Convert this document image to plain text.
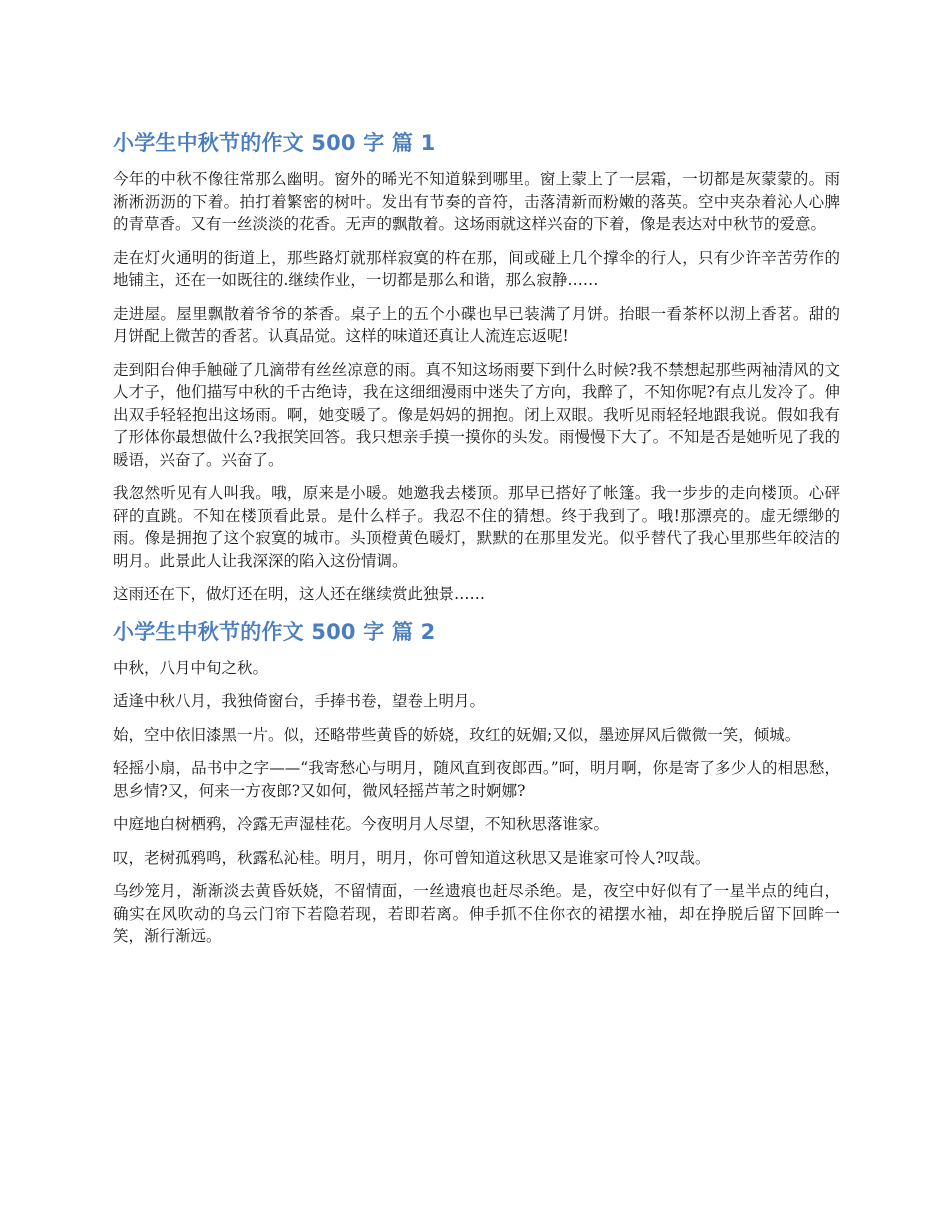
小学生中秋节的作文 500 字 篇 1

今年的中秋不像往常那么幽明。窗外的晞光不知道躲到哪里。窗上蒙上了一层霜，一切都是灰蒙蒙的。雨淅淅沥沥的下着。拍打着繁密的树叶。发出有节奏的音符，击落清新而粉嫩的落英。空中夹杂着沁人心脾的青草香。又有一丝淡淡的花香。无声的飘散着。这场雨就这样兴奋的下着，像是表达对中秋节的爱意。

走在灯火通明的街道上，那些路灯就那样寂寞的杵在那，间或碰上几个撑伞的行人，只有少许辛苦劳作的地铺主，还在一如既往的.继续作业，一切都是那么和谐，那么寂静……

走进屋。屋里飘散着爷爷的茶香。桌子上的五个小碟也早已装满了月饼。抬眼一看茶杯以沏上香茗。甜的月饼配上微苦的香茗。认真品觉。这样的味道还真让人流连忘返呢!

走到阳台伸手触碰了几滴带有丝丝凉意的雨。真不知这场雨要下到什么时候?我不禁想起那些两袖清风的文人才子，他们描写中秋的千古绝诗，我在这细细漫雨中迷失了方向，我醉了，不知你呢?有点儿发冷了。伸出双手轻轻抱出这场雨。啊，她变暖了。像是妈妈的拥抱。闭上双眼。我听见雨轻轻地跟我说。假如我有了形体你最想做什么?我抿笑回答。我只想亲手摸一摸你的头发。雨慢慢下大了。不知是否是她听见了我的暖语，兴奋了。兴奋了。

我忽然听见有人叫我。哦，原来是小暖。她邀我去楼顶。那早已搭好了帐篷。我一步步的走向楼顶。心砰砰的直跳。不知在楼顶看此景。是什么样子。我忍不住的猜想。终于我到了。哦!那漂亮的。虚无缥缈的雨。像是拥抱了这个寂寞的城市。头顶橙黄色暖灯，默默的在那里发光。似乎替代了我心里那些年皎洁的明月。此景此人让我深深的陷入这份情调。

这雨还在下，做灯还在明，这人还在继续赏此独景……

小学生中秋节的作文 500 字 篇 2

中秋，八月中旬之秋。

适逢中秋八月，我独倚窗台，手捧书卷，望卷上明月。

始，空中依旧漆黑一片。似，还略带些黄昏的娇娆，玫红的妩媚;又似，墨迹屏风后微微一笑，倾城。

轻摇小扇，品书中之字——“我寄愁心与明月，随风直到夜郎西。”呵，明月啊，你是寄了多少人的相思愁，思乡情?又，何来一方夜郎?又如何，微风轻摇芦苇之时婀娜?

中庭地白树栖鸦，冷露无声湿桂花。今夜明月人尽望，不知秋思落谁家。

叹，老树孤鸦鸣，秋露私沁桂。明月，明月，你可曾知道这秋思又是谁家可怜人?叹哉。

乌纱笼月，渐渐淡去黄昏妖娆，不留情面，一丝遗痕也赶尽杀绝。是，夜空中好似有了一星半点的纯白，确实在风吹动的乌云门帘下若隐若现，若即若离。伸手抓不住你衣的裙摆水袖，却在挣脱后留下回眸一笑，渐行渐远。
